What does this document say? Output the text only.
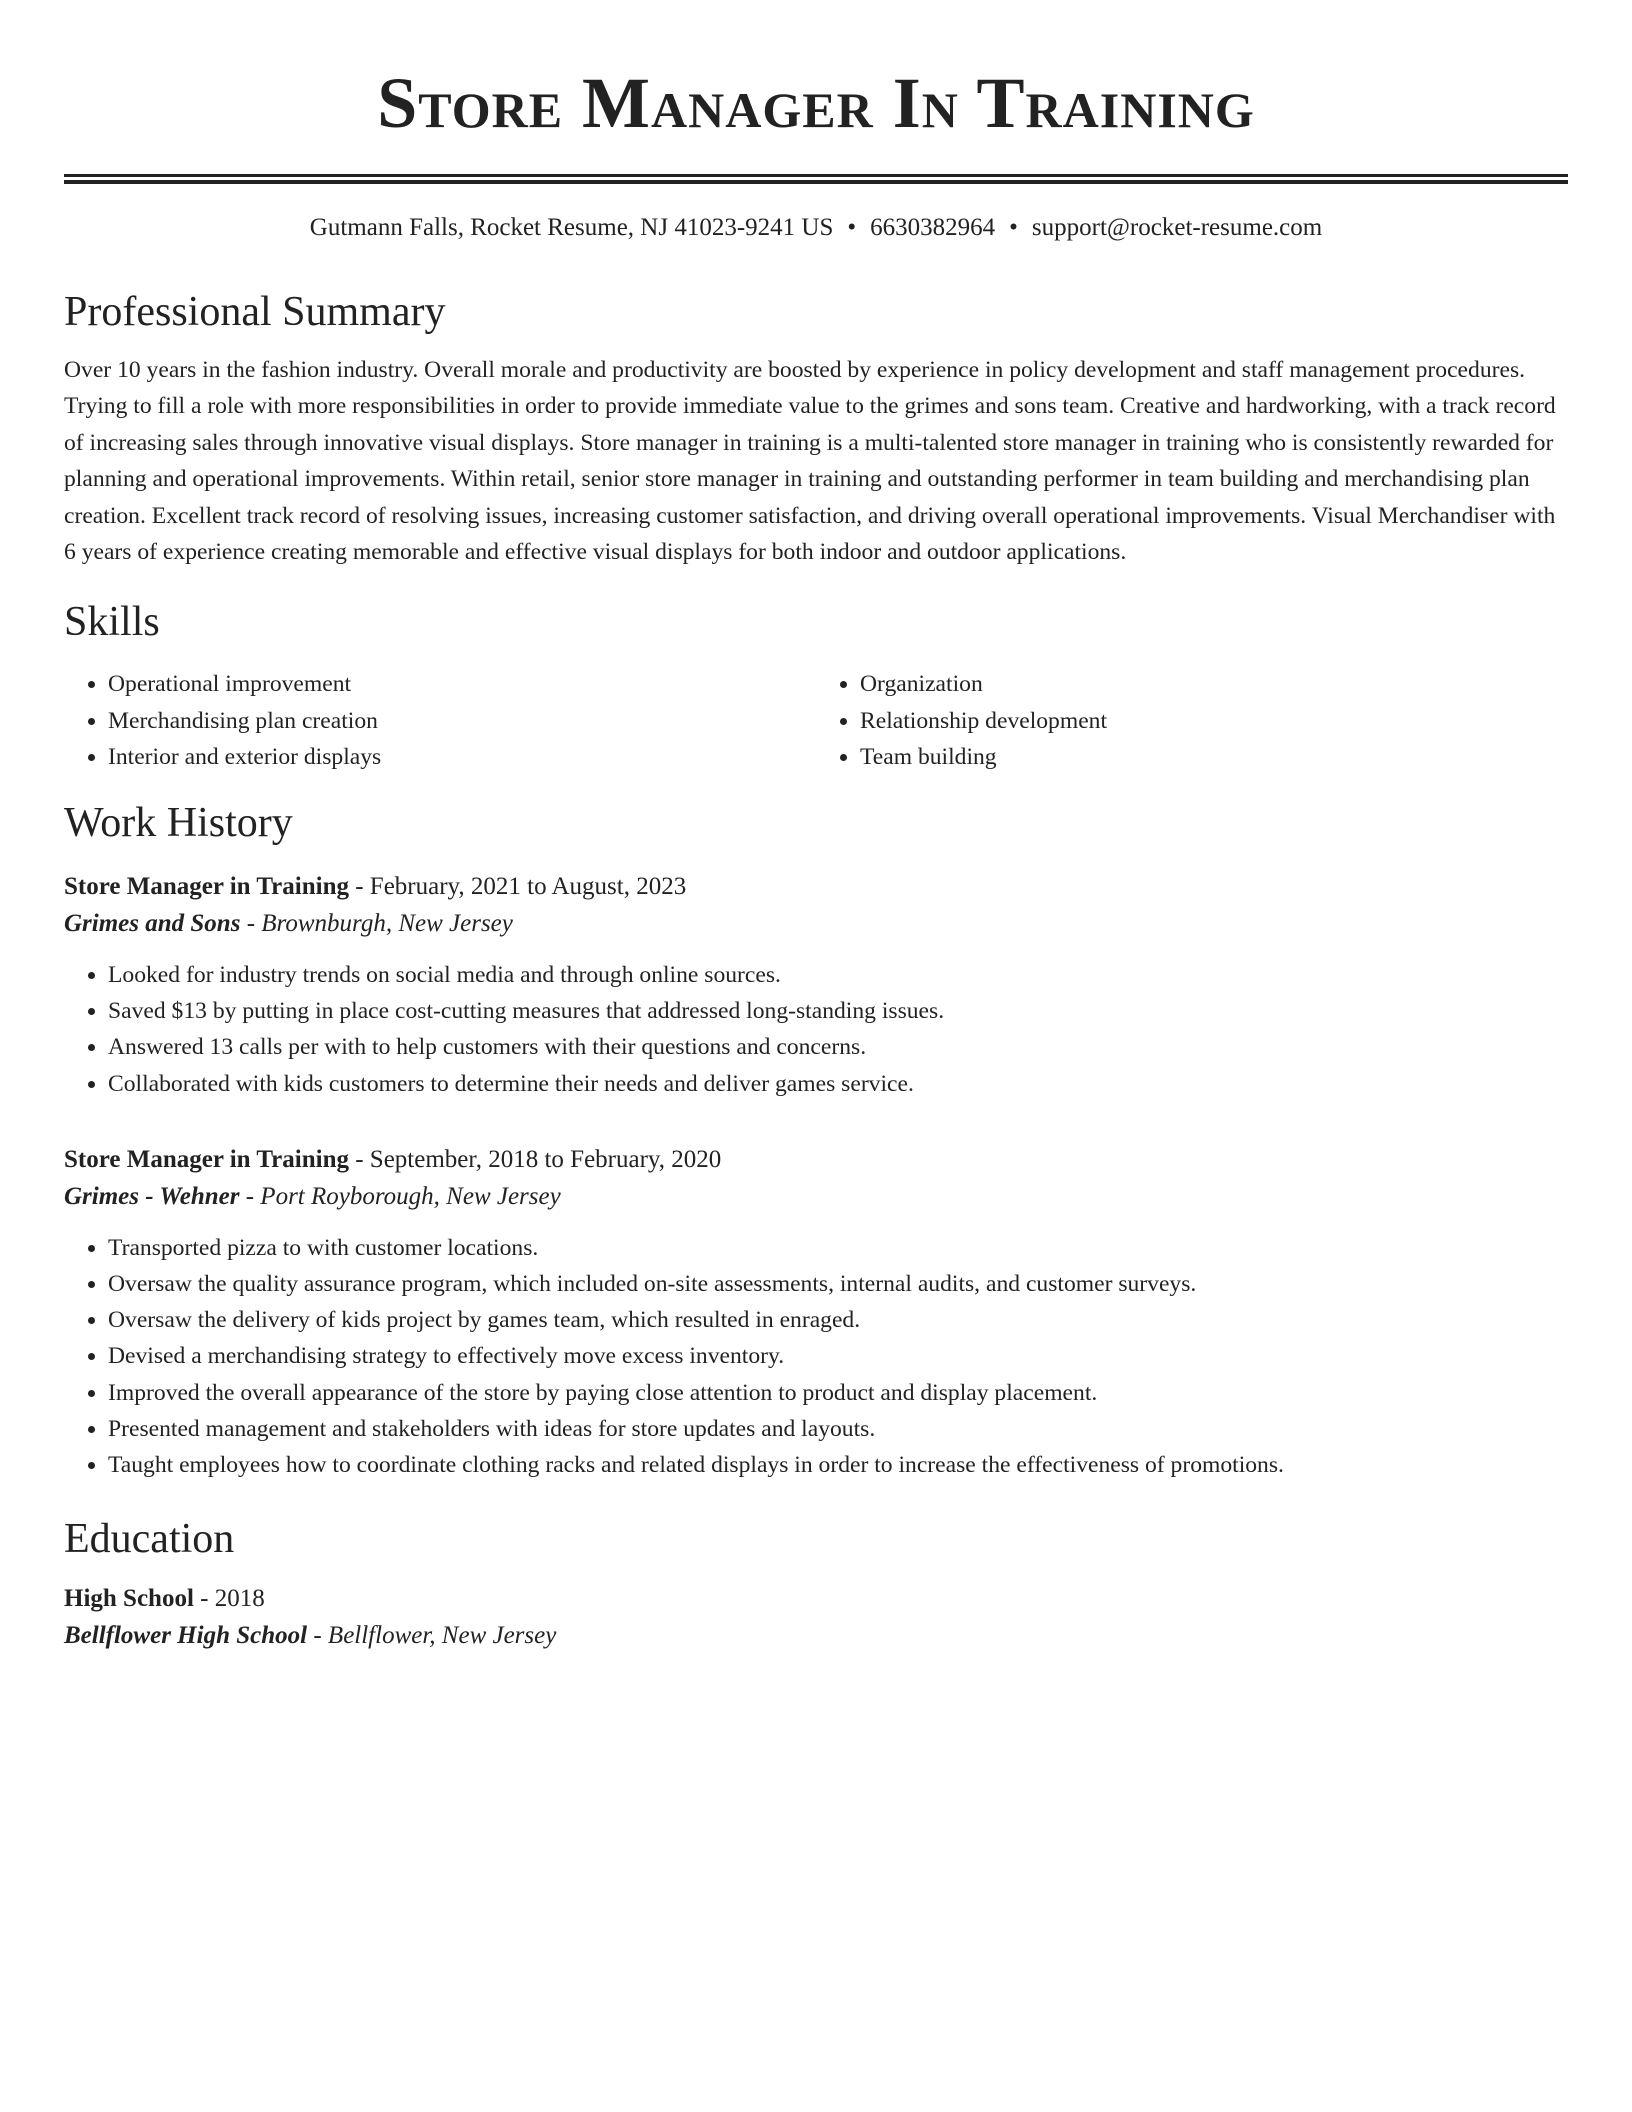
Store Manager In Training
Gutmann Falls, Rocket Resume, NJ 41023-9241 US • 6630382964 • support@rocket-resume.com
Professional Summary

Over 10 years in the fashion industry. Overall morale and productivity are boosted by experience in policy development and staff management procedures. Trying to fill a role with more responsibilities in order to provide immediate value to the grimes and sons team. Creative and hardworking, with a track record of increasing sales through innovative visual displays. Store manager in training is a multi-talented store manager in training who is consistently rewarded for planning and operational improvements. Within retail, senior store manager in training and outstanding performer in team building and merchandising plan creation. Excellent track record of resolving issues, increasing customer satisfaction, and driving overall operational improvements. Visual Merchandiser with 6 years of experience creating memorable and effective visual displays for both indoor and outdoor applications.

Skills
• Operational improvement
• Merchandising plan creation
• Interior and exterior displays
• Organization
• Relationship development
• Team building
Work History
Store Manager in Training - February, 2021 to August, 2023
Grimes and Sons - Brownburgh, New Jersey
• Looked for industry trends on social media and through online sources.
• Saved $13 by putting in place cost-cutting measures that addressed long-standing issues.
• Answered 13 calls per with to help customers with their questions and concerns.
• Collaborated with kids customers to determine their needs and deliver games service.
Store Manager in Training - September, 2018 to February, 2020
Grimes - Wehner - Port Royborough, New Jersey
• Transported pizza to with customer locations.
• Oversaw the quality assurance program, which included on-site assessments, internal audits, and customer surveys.
• Oversaw the delivery of kids project by games team, which resulted in enraged.
• Devised a merchandising strategy to effectively move excess inventory.
• Improved the overall appearance of the store by paying close attention to product and display placement.
• Presented management and stakeholders with ideas for store updates and layouts.
• Taught employees how to coordinate clothing racks and related displays in order to increase the effectiveness of promotions.
Education
High School - 2018
Bellflower High School - Bellflower, New Jersey
